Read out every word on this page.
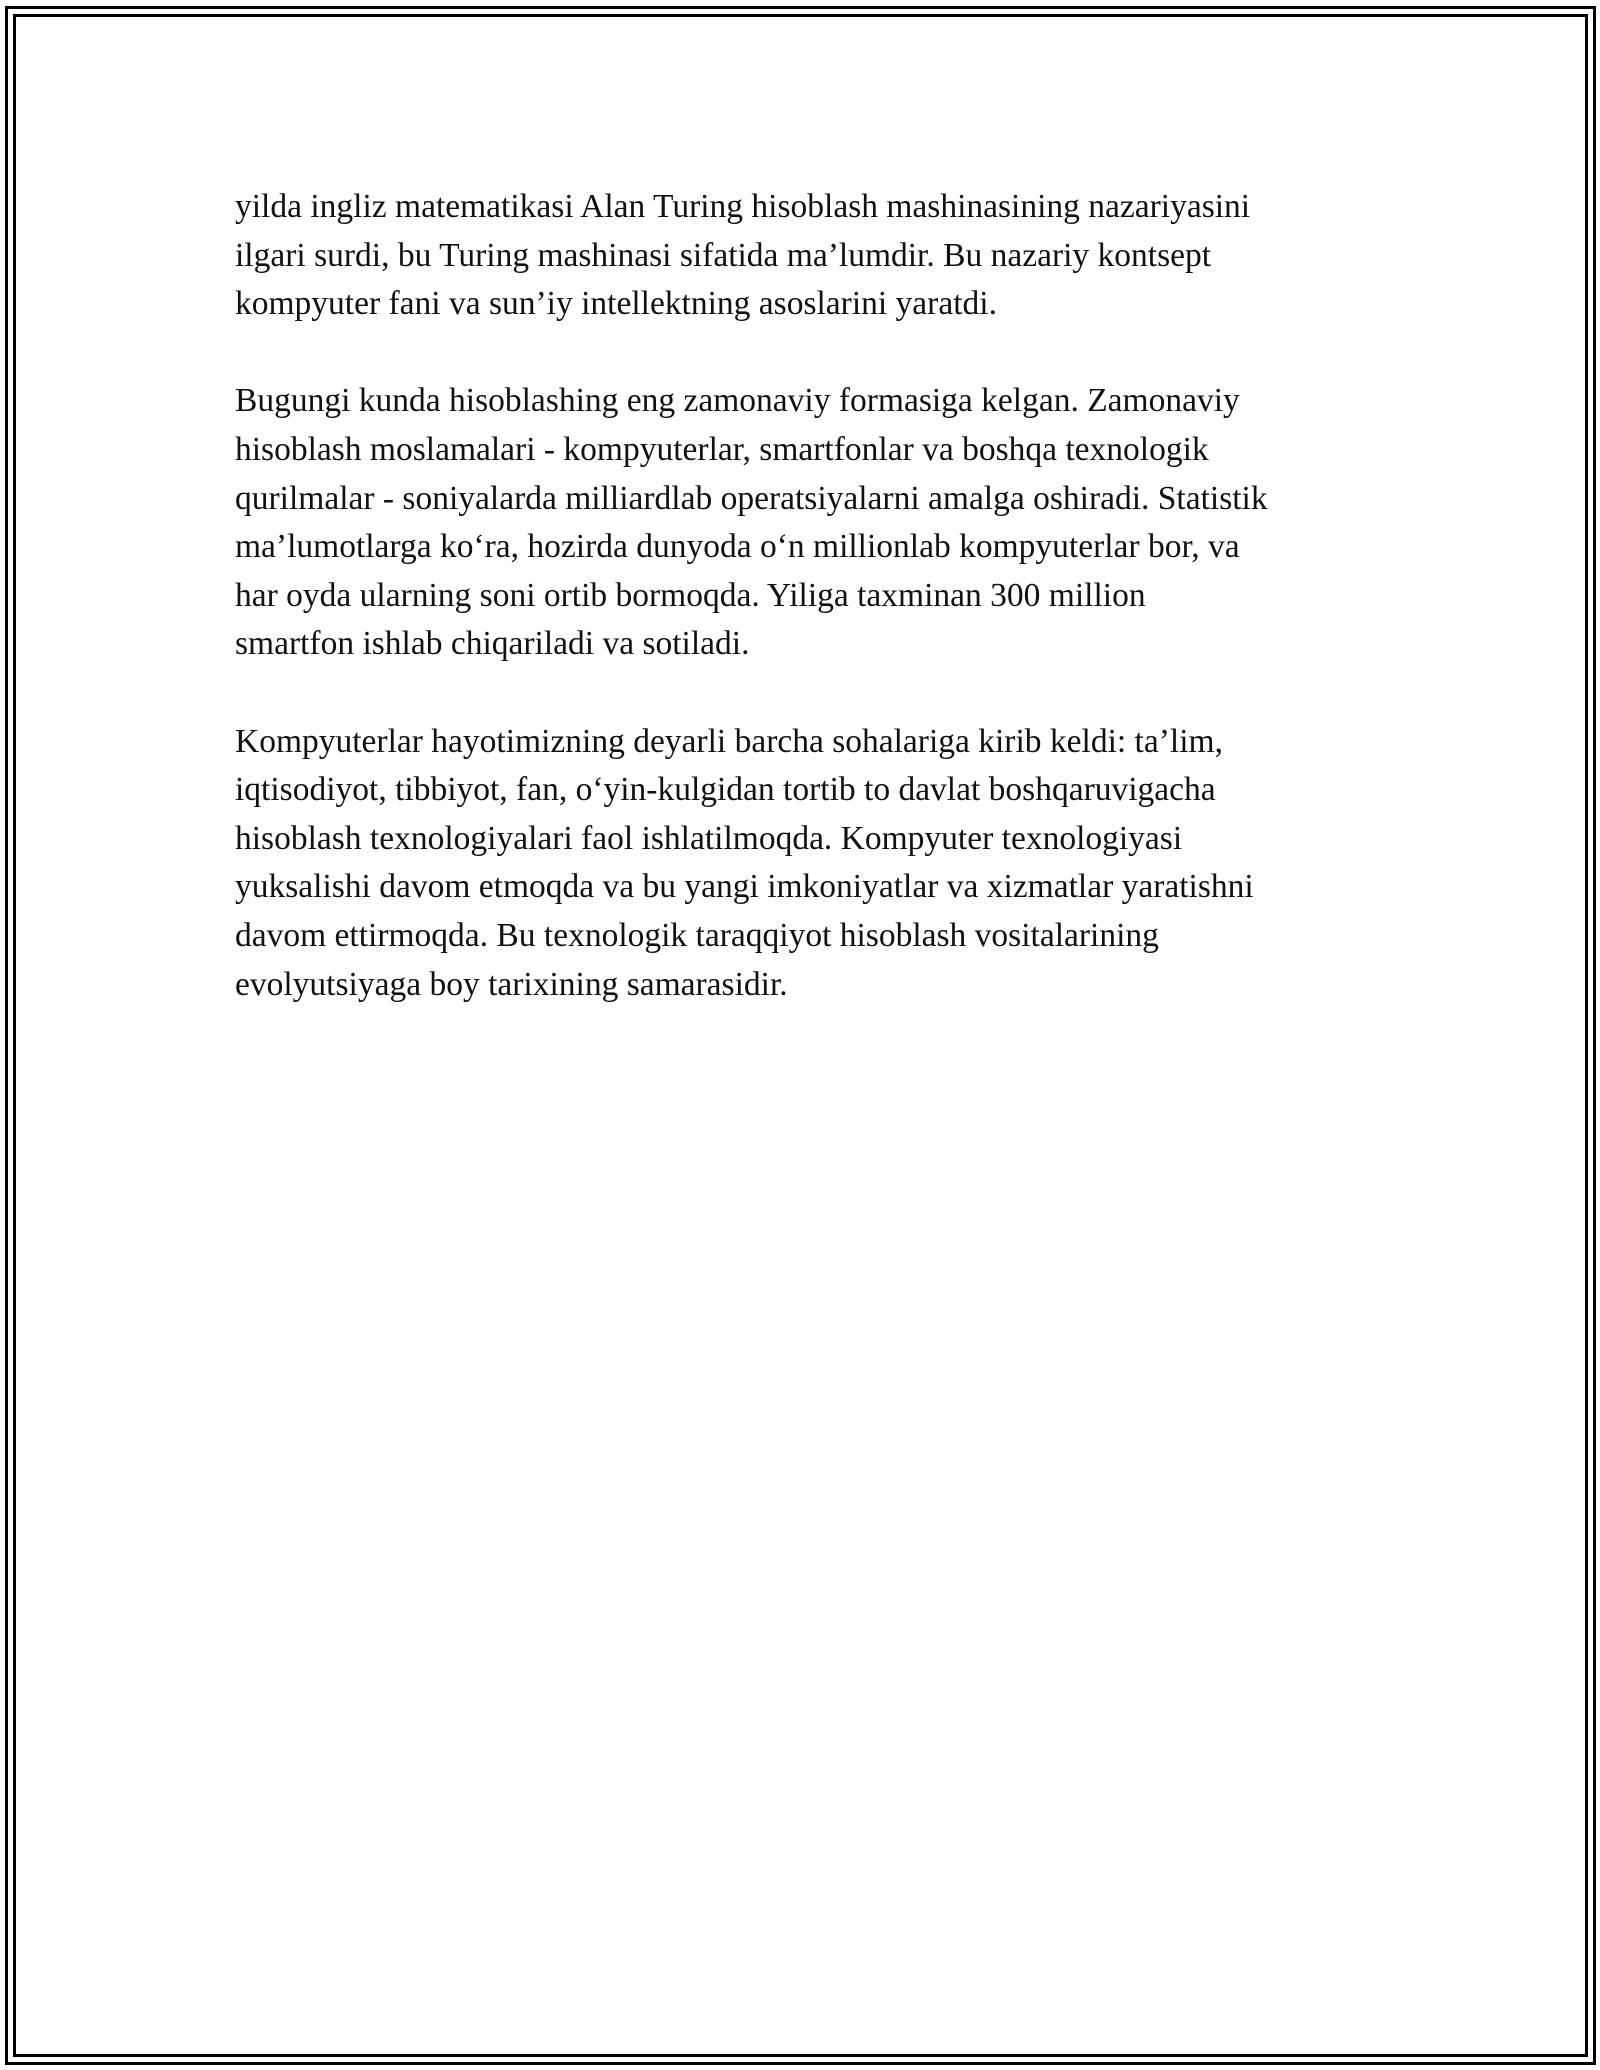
yilda ingliz matematikasi Alan Turing hisoblash mashinasining nazariyasini
ilgari surdi, bu Turing mashinasi sifatida ma’lumdir. Bu nazariy kontsept
kompyuter fani va sun’iy intellektning asoslarini yaratdi.

Bugungi kunda hisoblashing eng zamonaviy formasiga kelgan. Zamonaviy
hisoblash moslamalari - kompyuterlar, smartfonlar va boshqa texnologik
qurilmalar - soniyalarda milliardlab operatsiyalarni amalga oshiradi. Statistik
ma’lumotlarga ko‘ra, hozirda dunyoda o‘n millionlab kompyuterlar bor, va
har oyda ularning soni ortib bormoqda. Yiliga taxminan 300 million
smartfon ishlab chiqariladi va sotiladi.

Kompyuterlar hayotimizning deyarli barcha sohalariga kirib keldi: ta’lim,
iqtisodiyot, tibbiyot, fan, o‘yin-kulgidan tortib to davlat boshqaruvigacha
hisoblash texnologiyalari faol ishlatilmoqda. Kompyuter texnologiyasi
yuksalishi davom etmoqda va bu yangi imkoniyatlar va xizmatlar yaratishni
davom ettirmoqda. Bu texnologik taraqqiyot hisoblash vositalarining
evolyutsiyaga boy tarixining samarasidir.
